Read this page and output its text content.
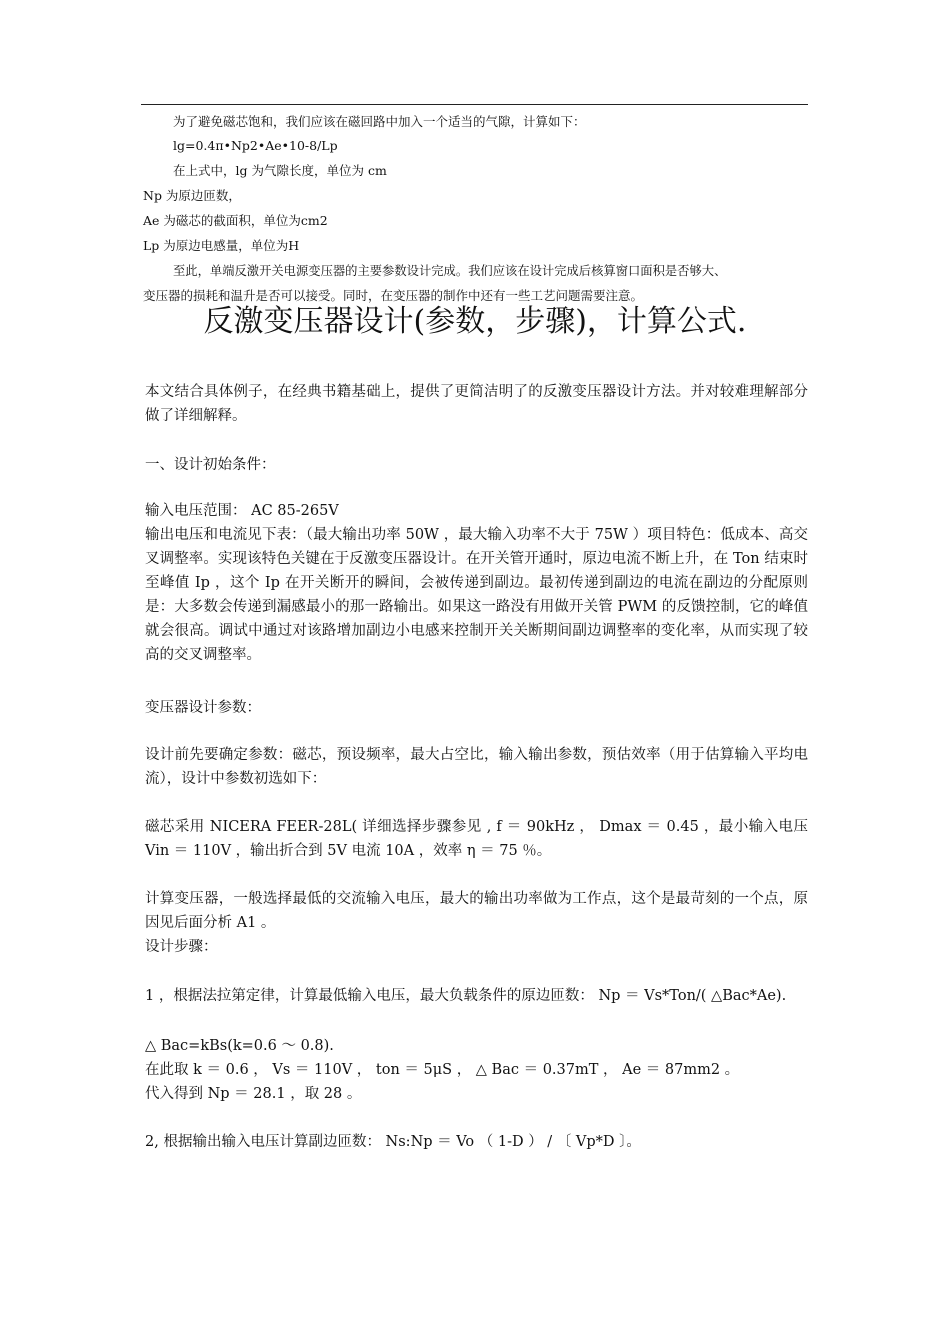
为了避免磁芯饱和，我们应该在磁回路中加入一个适当的气隙，计算如下：
lg=0.4π•Np2•Ae•10-8/Lp
在上式中，lg 为气隙长度，单位为 cm
Np 为原边匝数，
Ae 为磁芯的截面积，单位为cm2
Lp 为原边电感量，单位为H
至此，单端反激开关电源变压器的主要参数设计完成。我们应该在设计完成后核算窗口面积是否够大、
变压器的损耗和温升是否可以接受。同时，在变压器的制作中还有一些工艺问题需要注意。
反激变压器设计(参数，步骤)，计算公式.
本文结合具体例子，在经典书籍基础上，提供了更简洁明了的反激变压器设计方法。并对较难理解部分做了详细解释。
一、设计初始条件：
输入电压范围： AC 85-265V
输出电压和电流见下表：（最大输出功率 50W ，最大输入功率不大于 75W ）项目特色：低成本、高交叉调整率。实现该特色关键在于反激变压器设计。在开关管开通时，原边电流不断上升，在 Ton 结束时至峰值 Ip ，这个 Ip 在开关断开的瞬间，会被传递到副边。最初传递到副边的电流在副边的分配原则是：大多数会传递到漏感最小的那一路输出。如果这一路没有用做开关管 PWM 的反馈控制，它的峰值就会很高。调试中通过对该路增加副边小电感来控制开关关断期间副边调整率的变化率，从而实现了较高的交叉调整率。
变压器设计参数：
设计前先要确定参数：磁芯，预设频率，最大占空比，输入输出参数，预估效率（用于估算输入平均电流），设计中参数初选如下：
磁芯采用 NICERA FEER-28L( 详细选择步骤参见 , f ＝ 90kHz ， Dmax ＝ 0.45 ，最小输入电压 Vin ＝ 110V ，输出折合到 5V 电流 10A ，效率 η ＝ 75 ％。
计算变压器，一般选择最低的交流输入电压，最大的输出功率做为工作点，这个是最苛刻的一个点，原因见后面分析 A1 。
设计步骤：
1 ，根据法拉第定律，计算最低输入电压，最大负载条件的原边匝数： Np ＝ Vs*Ton/( △Bac*Ae).
△ Bac=kBs(k=0.6 ～ 0.8).
在此取 k ＝ 0.6 ， Vs ＝ 110V ， ton ＝ 5μS ， △ Bac ＝ 0.37mT ， Ae ＝ 87mm2 。
代入得到 Np ＝ 28.1 ，取 28 。
2, 根据输出输入电压计算副边匝数： Ns:Np ＝ Vo （ 1-D ） / 〔 Vp*D 〕。
